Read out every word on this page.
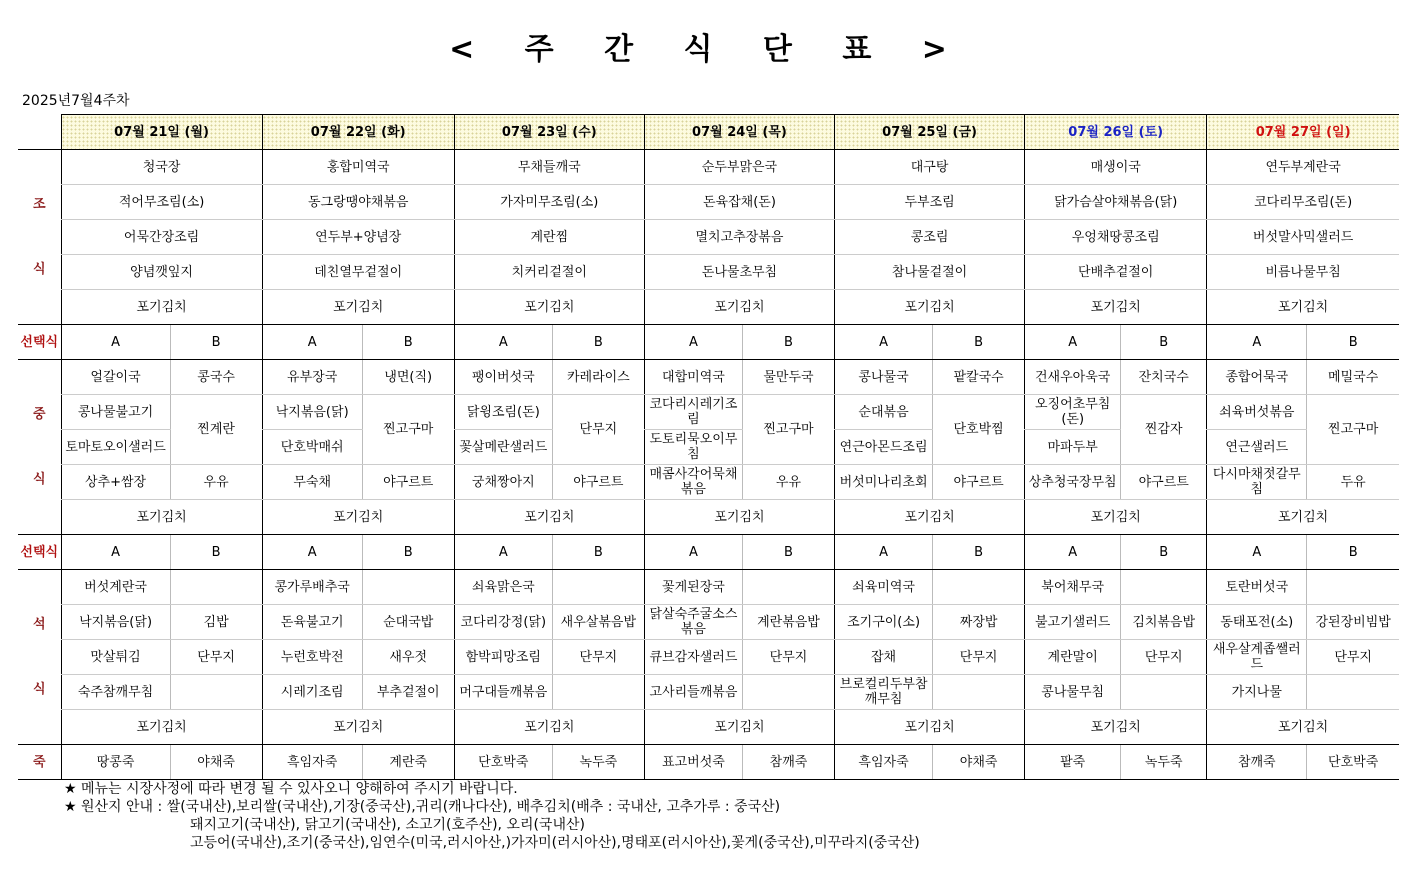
< 주 간 식 단 표 >
2025년7월4주차
	07월 21일 (월)		07월 22일 (화)		07월 23일 (수)		07월 24일 (목)		07월 25일 (금)		07월 26일 (토)		07월 27일 (일)	

조
식	청국장		홍합미역국		무채들깨국		순두부맑은국		대구탕		매생이국		연두부계란국	
	적어무조림(소)		동그랑땡야채볶음		가자미무조림(소)		돈육잡채(돈)		두부조림		닭가슴살야채볶음(닭)		코다리무조림(돈)	
	어묵간장조림		연두부+양념장		계란찜		멸치고추장볶음		콩조림		우엉채땅콩조림		버섯말사믹샐러드	
	양념깻잎지		데친열무겉절이		치커리겉절이		돈나물초무침		참나물겉절이		단배추겉절이		비름나물무침	
	포기김치		포기김치		포기김치		포기김치		포기김치		포기김치		포기김치	
선택식	A	B	A	B	A	B	A	B	A	B	A	B	A	B

중
식	얼갈이국	콩국수	유부장국	냉면(직)	팽이버섯국	카레라이스	대합미역국	물만두국	콩나물국	팥칼국수	건새우아욱국	잔치국수	종합어묵국	메밀국수
	콩나물불고기	찐계란	낙지볶음(닭)	찐고구마	닭윙조림(돈)	단무지	코다리시레기조림	찐고구마	순대볶음	단호박찜	오징어초무침(돈)	찐감자	쇠육버섯볶음	찐고구마
	토마토오이샐러드		단호박매쉬		꽃살메란샐러드		도토리묵오이무침		연근아몬드조림		마파두부		연근샐러드	
	상추+쌈장	우유	무숙채	야구르트	궁채짱아지	야구르트	매콤사각어묵채볶음	우유	버섯미나리초회	야구르트	상추청국장무침	야구르트	다시마채젓갈무침	두유
	포기김치		포기김치		포기김치		포기김치		포기김치		포기김치		포기김치	
선택식	A	B	A	B	A	B	A	B	A	B	A	B	A	B

석
식	버섯계란국		콩가루배추국		쇠육맑은국		꽃게된장국		쇠육미역국		북어채무국		토란버섯국	
	낙지볶음(닭)	김밥	돈육불고기	순대국밥	코다리강정(닭)	새우살볶음밥	닭살숙주굴소스볶음	계란볶음밥	조기구이(소)	짜장밥	불고기샐러드	김치볶음밥	동태포전(소)	강된장비빔밥
	맛살튀김	단무지	누런호박전	새우젓	함박피망조림	단무지	큐브감자샐러드	단무지	잡채	단무지	계란말이	단무지	새우살계좁쌜러드	단무지
	숙주참깨무침		시레기조림	부추겉절이	머구대들깨볶음		고사리들깨볶음		브로컬리두부참깨무침		콩나물무침		가지나물	
	포기김치		포기김치		포기김치		포기김치		포기김치		포기김치		포기김치	
죽	땅콩죽	야채죽	흑임자죽	계란죽	단호박죽	녹두죽	표고버섯죽	참깨죽	흑임자죽	야채죽	팥죽	녹두죽	참깨죽	단호박죽
★ 메뉴는 시장사정에 따라 변경 될 수 있사오니 양해하여 주시기 바랍니다.
★ 원산지 안내 : 쌀(국내산),보리쌀(국내산),기장(중국산),귀리(캐나다산), 배추김치(배추 : 국내산, 고추가루 : 중국산)
돼지고기(국내산), 닭고기(국내산), 소고기(호주산), 오리(국내산)
고등어(국내산),조기(중국산),임연수(미국,러시아산,)가자미(러시아산),명태포(러시아산),꽃게(중국산),미꾸라지(중국산)
